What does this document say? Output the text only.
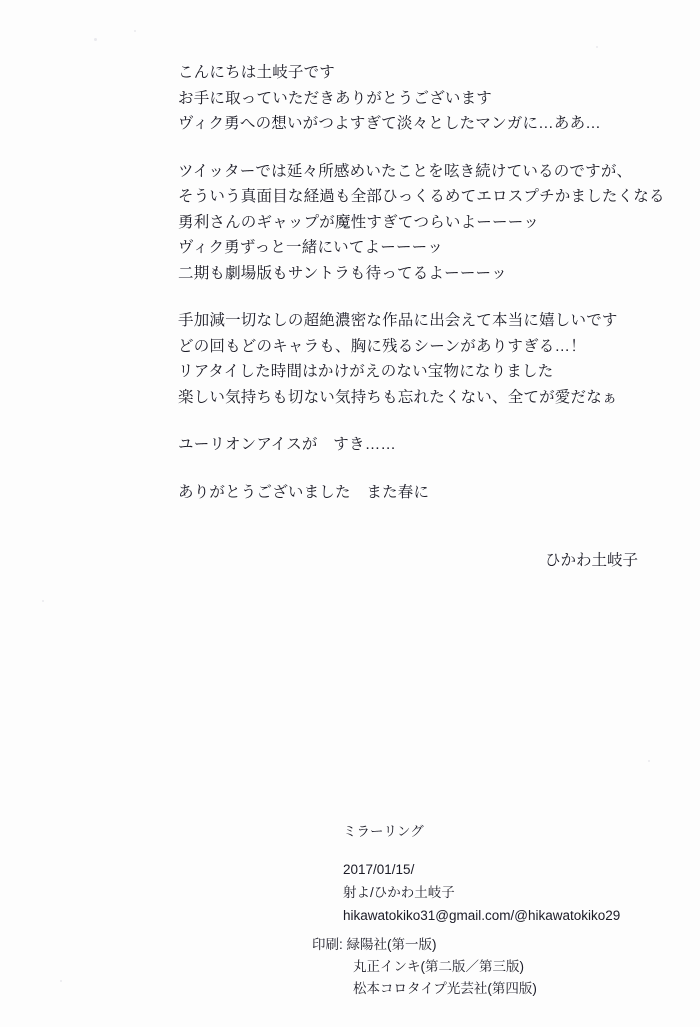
こんにちは土岐子です
お手に取っていただきありがとうございます
ヴィク勇への想いがつよすぎて淡々としたマンガに…ああ…
ツイッターでは延々所感めいたことを呟き続けているのですが、
そういう真面目な経過も全部ひっくるめてエロスプチかましたくなる
勇利さんのギャップが魔性すぎてつらいよーーーッ
ヴィク勇ずっと一緒にいてよーーーッ
二期も劇場版もサントラも待ってるよーーーッ
手加減一切なしの超絶濃密な作品に出会えて本当に嬉しいです
どの回もどのキャラも、胸に残るシーンがありすぎる…！
リアタイした時間はかけがえのない宝物になりました
楽しい気持ちも切ない気持ちも忘れたくない、全てが愛だなぁ
ユーリオンアイスが　すき……
ありがとうございました　また春に
ひかわ土岐子
ミラーリング
2017/01/15/
射よ/ひかわ土岐子
hikawatokiko31@gmail.com/@hikawatokiko29
印刷: 緑陽社(第一版)
丸正インキ(第二版／第三版)
松本コロタイプ光芸社(第四版)
